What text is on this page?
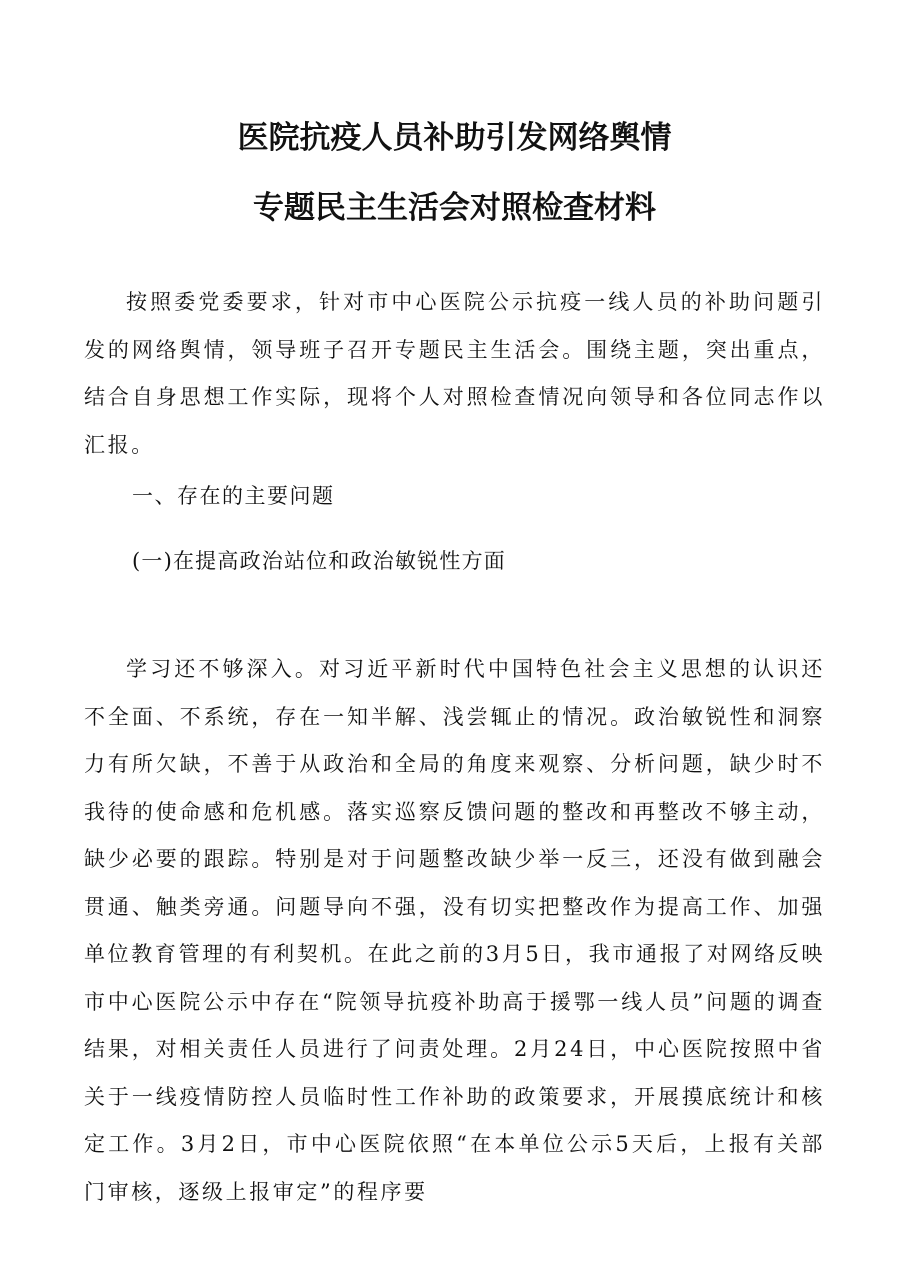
医院抗疫人员补助引发网络舆情
专题民主生活会对照检查材料

按照委党委要求，针对市中心医院公示抗疫一线人员的补助问题引发的网络舆情，领导班子召开专题民主生活会。围绕主题，突出重点，结合自身思想工作实际，现将个人对照检查情况向领导和各位同志作以汇报。

一、存在的主要问题
(一)在提高政治站位和政治敏锐性方面

学习还不够深入。对习近平新时代中国特色社会主义思想的认识还不全面、不系统，存在一知半解、浅尝辄止的情况。政治敏锐性和洞察力有所欠缺，不善于从政治和全局的角度来观察、分析问题，缺少时不我待的使命感和危机感。落实巡察反馈问题的整改和再整改不够主动，缺少必要的跟踪。特别是对于问题整改缺少举一反三，还没有做到融会贯通、触类旁通。问题导向不强，没有切实把整改作为提高工作、加强单位教育管理的有利契机。在此之前的3月5日，我市通报了对网络反映市中心医院公示中存在“院领导抗疫补助高于援鄂一线人员”问题的调查结果，对相关责任人员进行了问责处理。2月24日，中心医院按照中省关于一线疫情防控人员临时性工作补助的政策要求，开展摸底统计和核定工作。3月2日，市中心医院依照“在本单位公示5天后，上报有关部门审核，逐级上报审定”的程序要
